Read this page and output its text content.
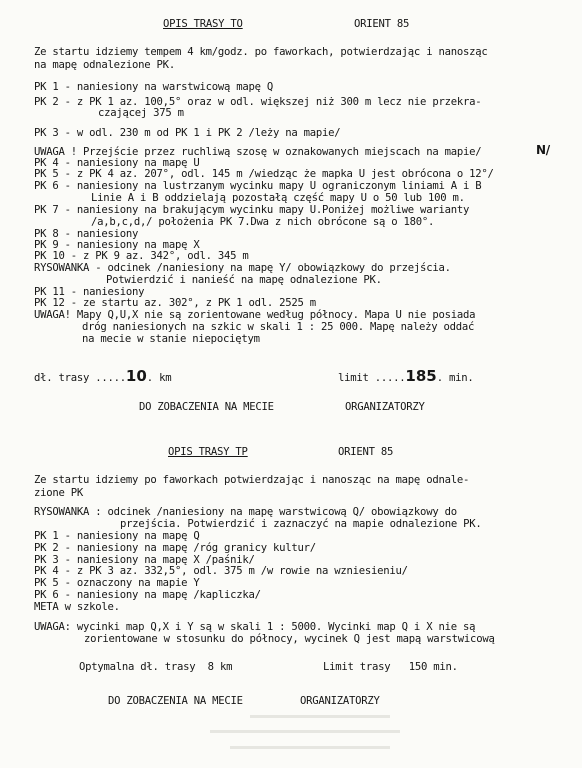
OPIS TRASY TO	ORIENT 85
Ze startu idziemy tempem 4 km/godz. po faworkach, potwierdzając i nanosząc
na mapę odnalezione PK.
PK 1 - naniesiony na warstwicową mapę Q
PK 2 - z PK 1 az. 100,5° oraz w odl. większej niż 300 m lecz nie przekra-
czającej 375 m
PK 3 - w odl. 230 m od PK 1 i PK 2 /leży na mapie/
UWAGA ! Przejście przez ruchliwą szosę w oznakowanych miejscach na mapie/	N/
PK 4 - naniesiony na mapę U
PK 5 - z PK 4 az. 207°, odl. 145 m /wiedząc że mapka U jest obrócona o 12°/
PK 6 - naniesiony na lustrzanym wycinku mapy U ograniczonym liniami A i B
Linie A i B oddzielają pozostałą część mapy U o 50 lub 100 m.
PK 7 - naniesiony na brakującym wycinku mapy U.Poniżej możliwe warianty
/a,b,c,d,/ położenia PK 7.Dwa z nich obrócone są o 180°.
PK 8 - naniesiony
PK 9 - naniesiony na mapę X
PK 10 - z PK 9 az. 342°, odl. 345 m
RYSOWANKA - odcinek /naniesiony na mapę Y/ obowiązkowy do przejścia.
Potwierdzić i nanieść na mapę odnalezione PK.
PK 11 - naniesiony
PK 12 - ze startu az. 302°, z PK 1 odl. 2525 m
UWAGA! Mapy Q,U,X nie są zorientowane według północy. Mapa U nie posiada
dróg naniesionych na szkic w skali 1 : 25 000. Mapę należy oddać
na mecie w stanie niepociętym
dł. trasy .....10. km	limit .....185. min.
DO ZOBACZENIA NA MECIE	ORGANIZATORZY
OPIS TRASY TP	ORIENT 85
Ze startu idziemy po faworkach potwierdzając i nanosząc na mapę odnale-
zione PK
RYSOWANKA : odcinek /naniesiony na mapę warstwicową Q/ obowiązkowy do
przejścia. Potwierdzić i zaznaczyć na mapie odnalezione PK.
PK 1 - naniesiony na mapę Q
PK 2 - naniesiony na mapę /róg granicy kultur/
PK 3 - naniesiony na mapę X /paśnik/
PK 4 - z PK 3 az. 332,5°, odl. 375 m /w rowie na wzniesieniu/
PK 5 - oznaczony na mapie Y
PK 6 - naniesiony na mapę /kapliczka/
META w szkole.
UWAGA: wycinki map Q,X i Y są w skali 1 : 5000. Wycinki map Q i X nie są
zorientowane w stosunku do północy, wycinek Q jest mapą warstwicową
Optymalna dł. trasy  8 km	Limit trasy   150 min.
DO ZOBACZENIA NA MECIE	ORGANIZATORZY
